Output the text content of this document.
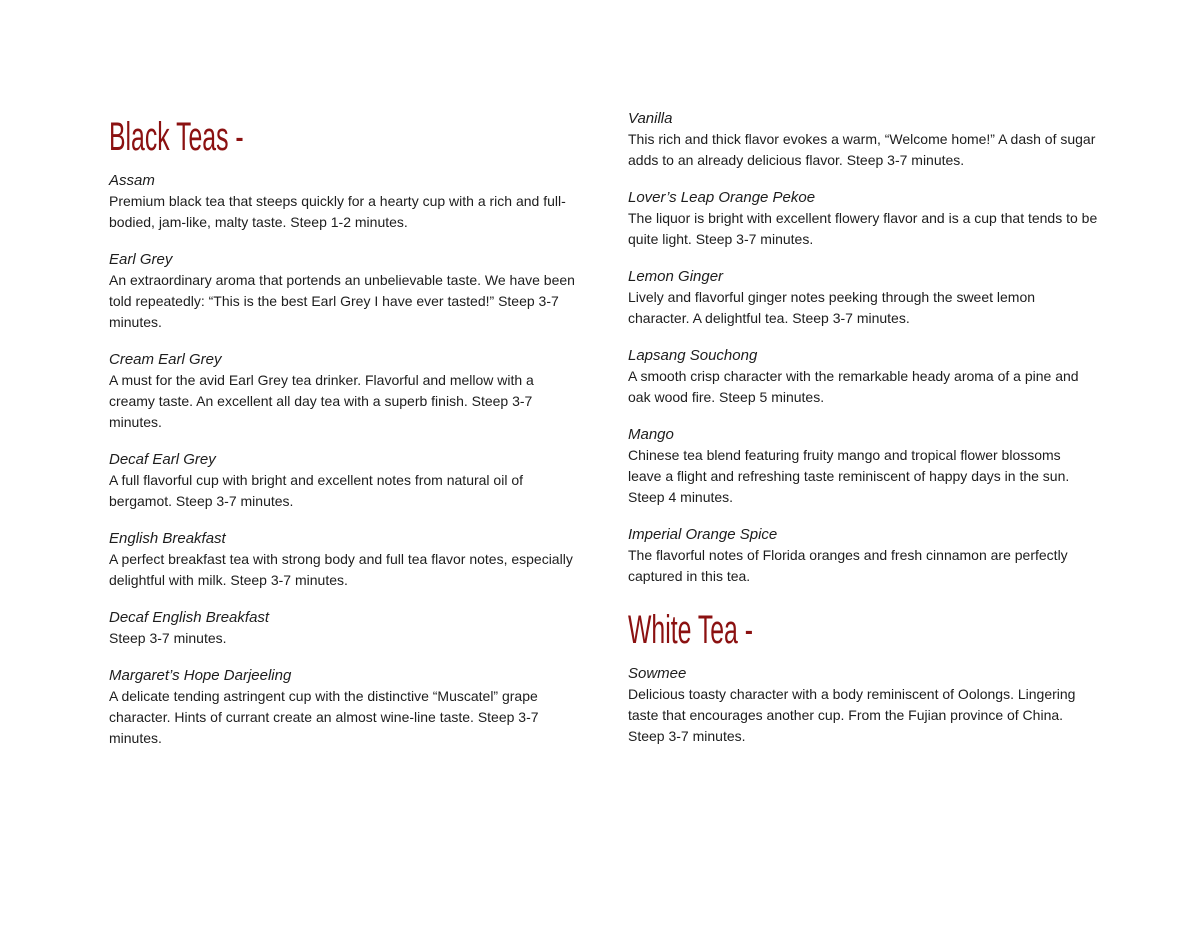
Black Teas -
Assam
Premium black tea that steeps quickly for a hearty cup with a rich and full-bodied, jam-like, malty taste. Steep 1-2 minutes.
Earl Grey
An extraordinary aroma that portends an unbelievable taste. We have been told repeatedly: “This is the best Earl Grey I have ever tasted!” Steep 3-7 minutes.
Cream Earl Grey
A must for the avid Earl Grey tea drinker. Flavorful and mellow with a creamy taste. An excellent all day tea with a superb finish. Steep 3-7 minutes.
Decaf Earl Grey
A full flavorful cup with bright and excellent notes from natural oil of bergamot. Steep 3-7 minutes.
English Breakfast
A perfect breakfast tea with strong body and full tea flavor notes, especially delightful with milk. Steep 3-7 minutes.
Decaf English Breakfast
Steep 3-7 minutes.
Margaret’s Hope Darjeeling
A delicate tending astringent cup with the distinctive “Muscatel” grape character. Hints of currant create an almost wine-line taste. Steep 3-7 minutes.
Vanilla
This rich and thick flavor evokes a warm, “Welcome home!” A dash of sugar adds to an already delicious flavor. Steep 3-7 minutes.
Lover’s Leap Orange Pekoe
The liquor is bright with excellent flowery flavor and is a cup that tends to be quite light. Steep 3-7 minutes.
Lemon Ginger
Lively and flavorful ginger notes peeking through the sweet lemon character. A delightful tea. Steep 3-7 minutes.
Lapsang Souchong
A smooth crisp character with the remarkable heady aroma of a pine and oak wood fire. Steep 5 minutes.
Mango
Chinese tea blend featuring fruity mango and tropical flower blossoms leave a flight and refreshing taste reminiscent of happy days in the sun. Steep 4 minutes.
Imperial Orange Spice
The flavorful notes of Florida oranges and fresh cinnamon are perfectly captured in this tea.
White Tea -
Sowmee
Delicious toasty character with a body reminiscent of Oolongs. Lingering taste that encourages another cup. From the Fujian province of China. Steep 3-7 minutes.
